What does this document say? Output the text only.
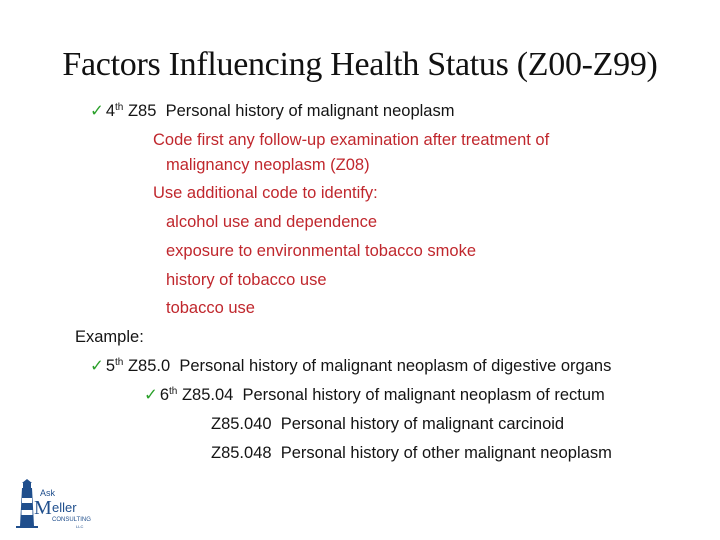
Factors Influencing Health Status (Z00-Z99)
✓ 4th Z85 Personal history of malignant neoplasm
Code first any follow-up examination after treatment of
malignancy neoplasm (Z08)
Use additional code to identify:
alcohol use and dependence
exposure to environmental tobacco smoke
history of tobacco use
tobacco use
Example:
✓ 5th Z85.0 Personal history of malignant neoplasm of digestive organs
✓ 6th Z85.04 Personal history of malignant neoplasm of rectum
Z85.040 Personal history of malignant carcinoid
Z85.048 Personal history of other malignant neoplasm
Ask
M eller
CONSULTING
LLC
